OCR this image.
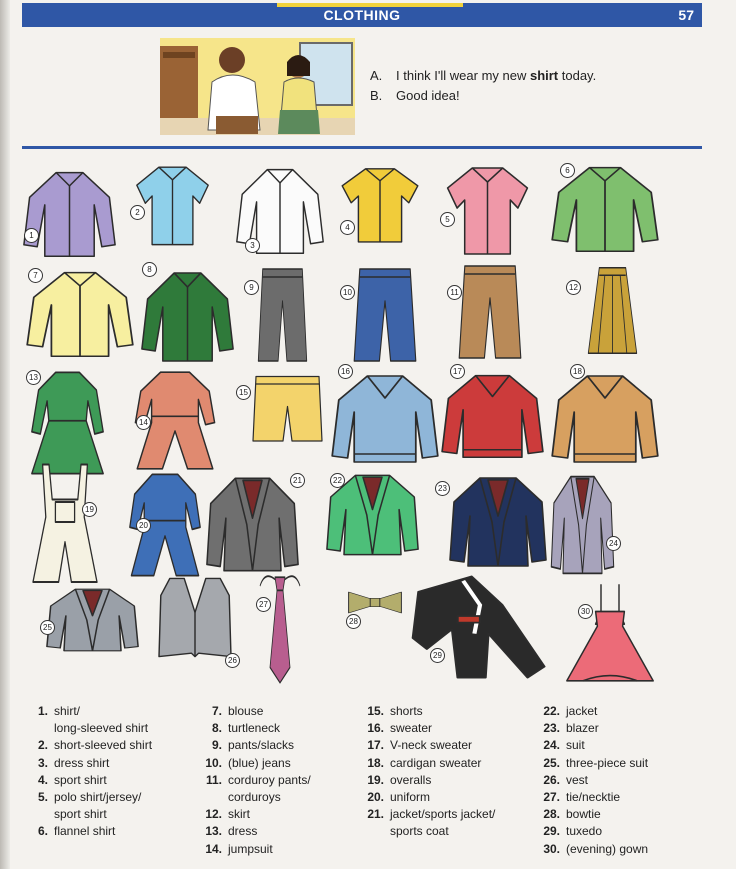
CLOTHING	57
A. I think I'll wear my new shirt today.
B. Good idea!
1
2
3
4
5
6
7
8
9
10	11
12
13
14
15
16	17	18
19
20
21	22
23
24
25
26
27
28
29
30
1. shirt/
long-sleeved shirt
2. short-sleeved shirt
3. dress shirt
4. sport shirt
5. polo shirt/jersey/
sport shirt
6. flannel shirt
7. blouse
8. turtleneck
9. pants/slacks
10. (blue) jeans
11. corduroy pants/
corduroys
12. skirt
13. dress
14. jumpsuit
15. shorts
16. sweater
17. V-neck sweater
18. cardigan sweater
19. overalls
20. uniform
21. jacket/sports jacket/
sports coat
22. jacket
23. blazer
24. suit
25. three-piece suit
26. vest
27. tie/necktie
28. bowtie
29. tuxedo
30. (evening) gown
